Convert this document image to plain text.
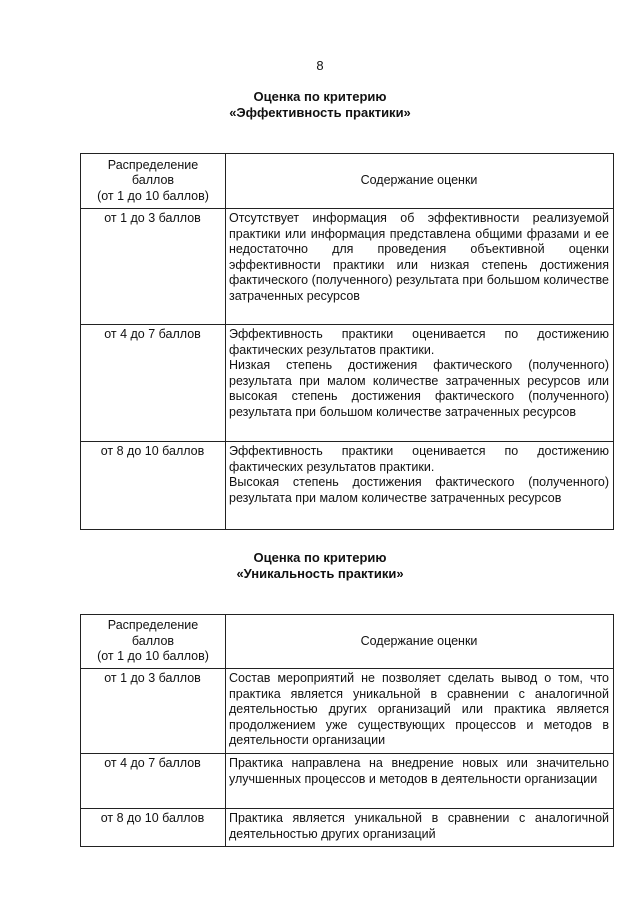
8
Оценка по критерию
«Эффективность практики»
Распределение
баллов
(от 1 до 10 баллов)	Содержание оценки
от 1 до 3 баллов	Отсутствует информация об эффективности реализуемой практики или информация представлена общими фразами и ее недостаточно для проведения объективной оценки эффективности практики или низкая степень достижения фактического (полученного) результата при большом количестве затраченных ресурсов

от 4 до 7 баллов	Эффективность практики оценивается по достижению фактических результатов практики.

Низкая степень достижения фактического (полученного) результата при малом количестве затраченных ресурсов или высокая степень достижения фактического (полученного) результата при большом количестве затраченных ресурсов

от 8 до 10 баллов	Эффективность практики оценивается по достижению фактических результатов практики.

Высокая степень достижения фактического (полученного) результата при малом количестве затраченных ресурсов

Оценка по критерию
«Уникальность практики»
Распределение
баллов
(от 1 до 10 баллов)	Содержание оценки
от 1 до 3 баллов	Состав мероприятий не позволяет сделать вывод о том, что практика является уникальной в сравнении с аналогичной деятельностью других организаций или практика является продолжением уже существующих процессов и методов в деятельности организации

от 4 до 7 баллов	Практика направлена на внедрение новых или значительно улучшенных процессов и методов в деятельности организации

от 8 до 10 баллов	Практика является уникальной в сравнении с аналогичной деятельностью других организаций
